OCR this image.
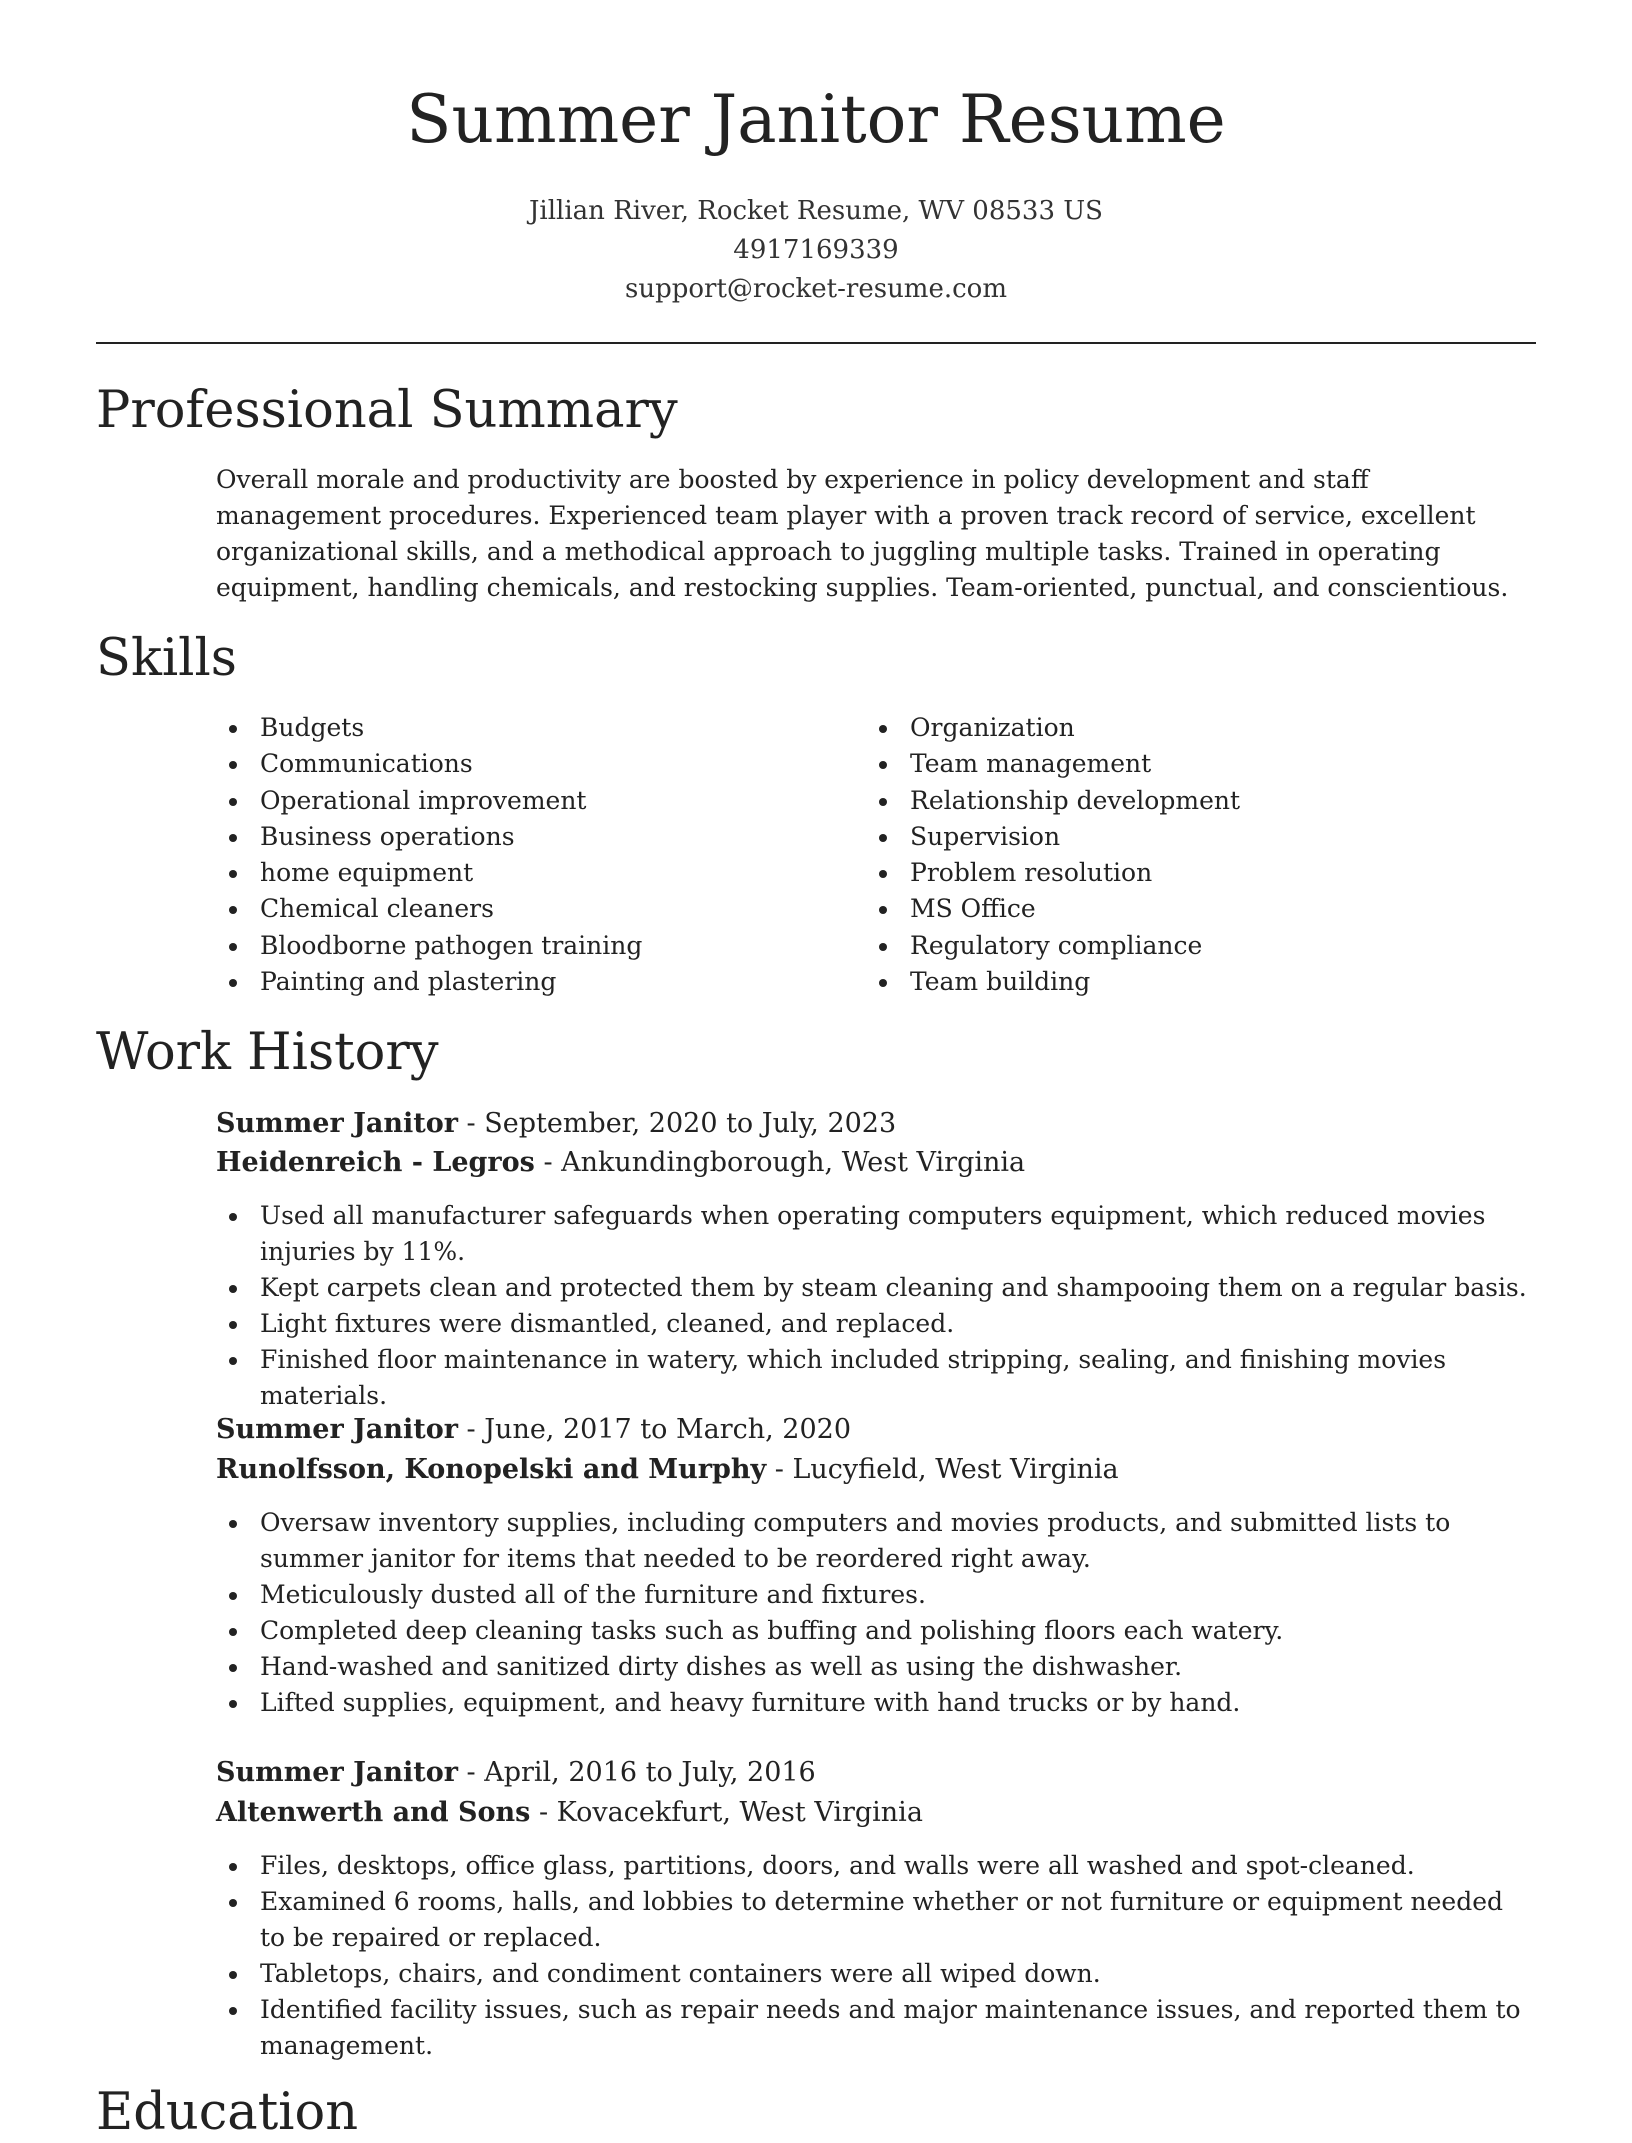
Summer Janitor Resume
Jillian River, Rocket Resume, WV 08533 US
4917169339
support@rocket-resume.com
Professional Summary

Overall morale and productivity are boosted by experience in policy development and staff management procedures. Experienced team player with a proven track record of service, excellent organizational skills, and a methodical approach to juggling multiple tasks. Trained in operating equipment, handling chemicals, and restocking supplies. Team-oriented, punctual, and conscientious.

Skills
Budgets
Communications
Operational improvement
Business operations
home equipment
Chemical cleaners
Bloodborne pathogen training
Painting and plastering
Organization
Team management
Relationship development
Supervision
Problem resolution
MS Office
Regulatory compliance
Team building
Work History
Summer Janitor - September, 2020 to July, 2023
Heidenreich - Legros - Ankundingborough, West Virginia
Used all manufacturer safeguards when operating computers equipment, which reduced movies injuries by 11%.
Kept carpets clean and protected them by steam cleaning and shampooing them on a regular basis.
Light fixtures were dismantled, cleaned, and replaced.
Finished floor maintenance in watery, which included stripping, sealing, and finishing movies materials.
Summer Janitor - June, 2017 to March, 2020
Runolfsson, Konopelski and Murphy - Lucyfield, West Virginia
Oversaw inventory supplies, including computers and movies products, and submitted lists to summer janitor for items that needed to be reordered right away.
Meticulously dusted all of the furniture and fixtures.
Completed deep cleaning tasks such as buffing and polishing floors each watery.
Hand-washed and sanitized dirty dishes as well as using the dishwasher.
Lifted supplies, equipment, and heavy furniture with hand trucks or by hand.
Summer Janitor - April, 2016 to July, 2016
Altenwerth and Sons - Kovacekfurt, West Virginia
Files, desktops, office glass, partitions, doors, and walls were all washed and spot-cleaned.
Examined 6 rooms, halls, and lobbies to determine whether or not furniture or equipment needed to be repaired or replaced.
Tabletops, chairs, and condiment containers were all wiped down.
Identified facility issues, such as repair needs and major maintenance issues, and reported them to management.
Education
